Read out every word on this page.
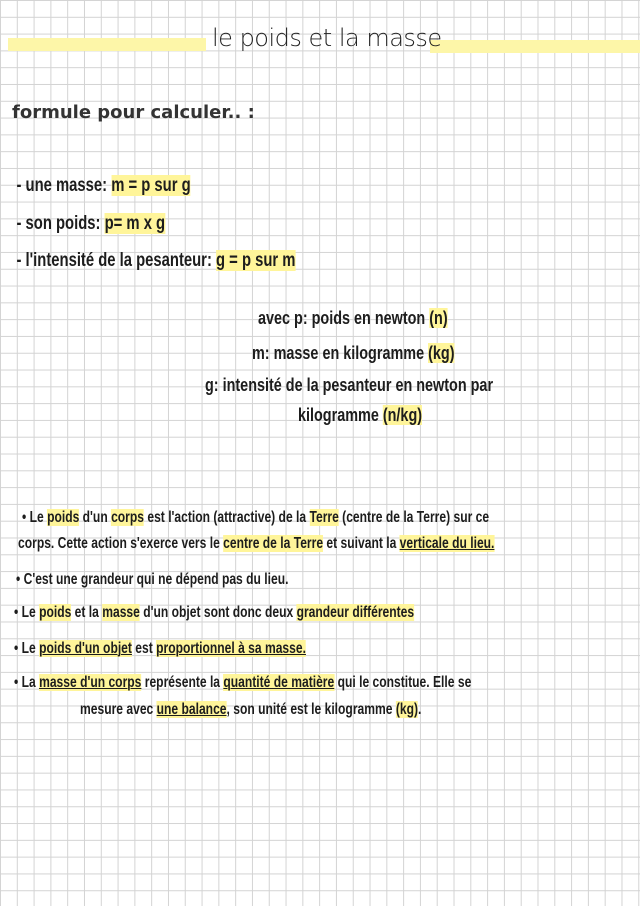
le poids et la masse
formule pour calculer.. :

- une masse: m = p sur g

- son poids: p= m x g

- l'intensité de la pesanteur: g = p sur m

avec p: poids en newton (n)
m: masse en kilogramme (kg)
g: intensité de la pesanteur en newton par
kilogramme (n/kg)
• Le poids d'un corps est l'action (attractive) de la Terre (centre de la Terre) sur ce
corps. Cette action s'exerce vers le centre de la Terre et suivant la verticale du lieu.
• C'est une grandeur qui ne dépend pas du lieu.
• Le poids et la masse d'un objet sont donc deux grandeur différentes
• Le poids d'un objet est proportionnel à sa masse.
• La masse d'un corps représente la quantité de matière qui le constitue. Elle se
mesure avec une balance, son unité est le kilogramme (kg).
